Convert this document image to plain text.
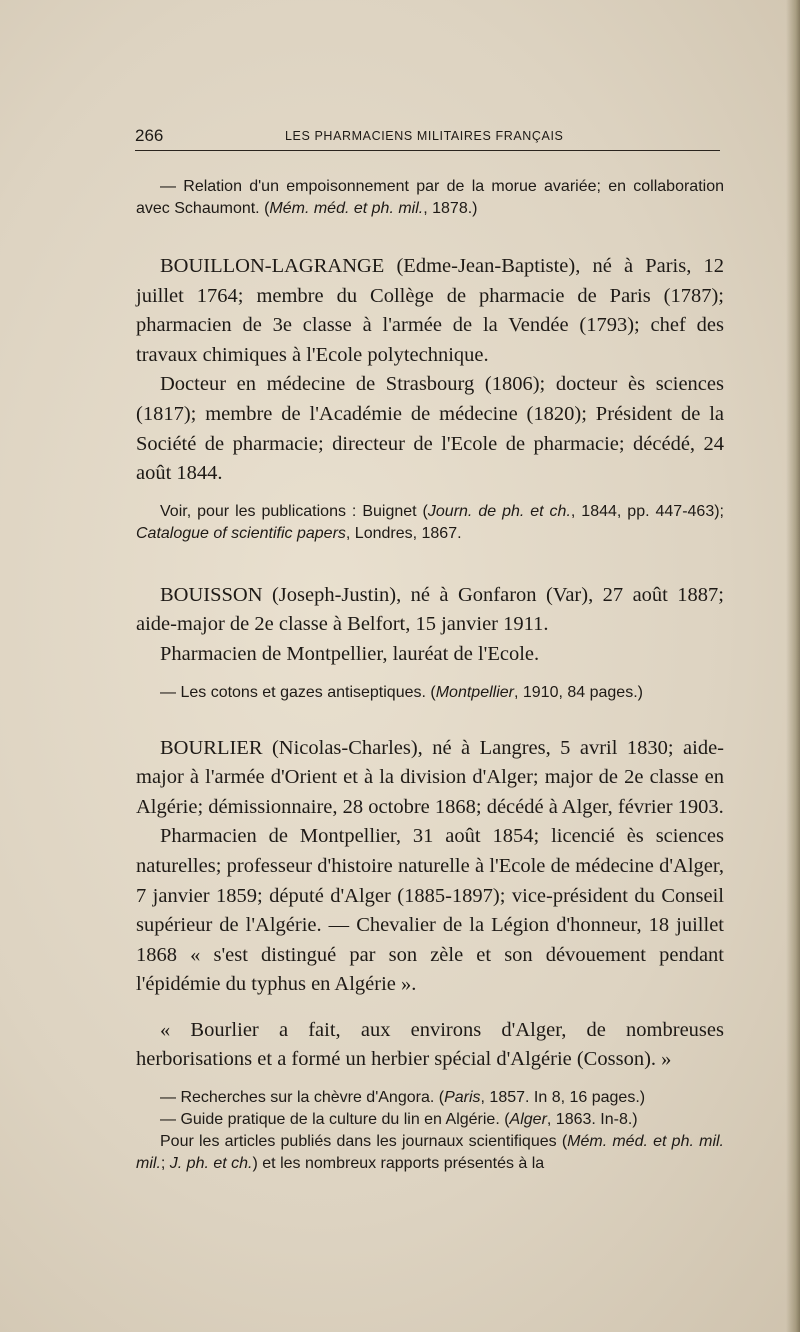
266	LES PHARMACIENS MILITAIRES FRANÇAIS

— Relation d'un empoisonnement par de la morue avariée; en collaboration avec Schaumont. (Mém. méd. et ph. mil., 1878.)

BOUILLON-LAGRANGE (Edme-Jean-Baptiste), né à Paris, 12 juillet 1764; membre du Collège de pharmacie de Paris (1787); pharmacien de 3e classe à l'armée de la Vendée (1793); chef des travaux chimiques à l'Ecole polytechnique.

Docteur en médecine de Strasbourg (1806); docteur ès sciences (1817); membre de l'Académie de médecine (1820); Président de la Société de pharmacie; directeur de l'Ecole de pharmacie; décédé, 24 août 1844.

Voir, pour les publications : Buignet (Journ. de ph. et ch., 1844, pp. 447-463); Catalogue of scientific papers, Londres, 1867.

BOUISSON (Joseph-Justin), né à Gonfaron (Var), 27 août 1887; aide-major de 2e classe à Belfort, 15 janvier 1911.

Pharmacien de Montpellier, lauréat de l'Ecole.

— Les cotons et gazes antiseptiques. (Montpellier, 1910, 84 pages.)

BOURLIER (Nicolas-Charles), né à Langres, 5 avril 1830; aide-major à l'armée d'Orient et à la division d'Alger; major de 2e classe en Algérie; démissionnaire, 28 octobre 1868; décédé à Alger, février 1903.

Pharmacien de Montpellier, 31 août 1854; licencié ès sciences naturelles; professeur d'histoire naturelle à l'Ecole de médecine d'Alger, 7 janvier 1859; député d'Alger (1885-1897); vice-président du Conseil supérieur de l'Algérie. — Chevalier de la Légion d'honneur, 18 juillet 1868 « s'est distingué par son zèle et son dévouement pendant l'épidémie du typhus en Algérie ».

« Bourlier a fait, aux environs d'Alger, de nombreuses herborisations et a formé un herbier spécial d'Algérie (Cosson). »

— Recherches sur la chèvre d'Angora. (Paris, 1857. In 8, 16 pages.)

— Guide pratique de la culture du lin en Algérie. (Alger, 1863. In-8.)

Pour les articles publiés dans les journaux scientifiques (Mém. méd. et ph. mil. mil.; J. ph. et ch.) et les nombreux rapports présentés à la
